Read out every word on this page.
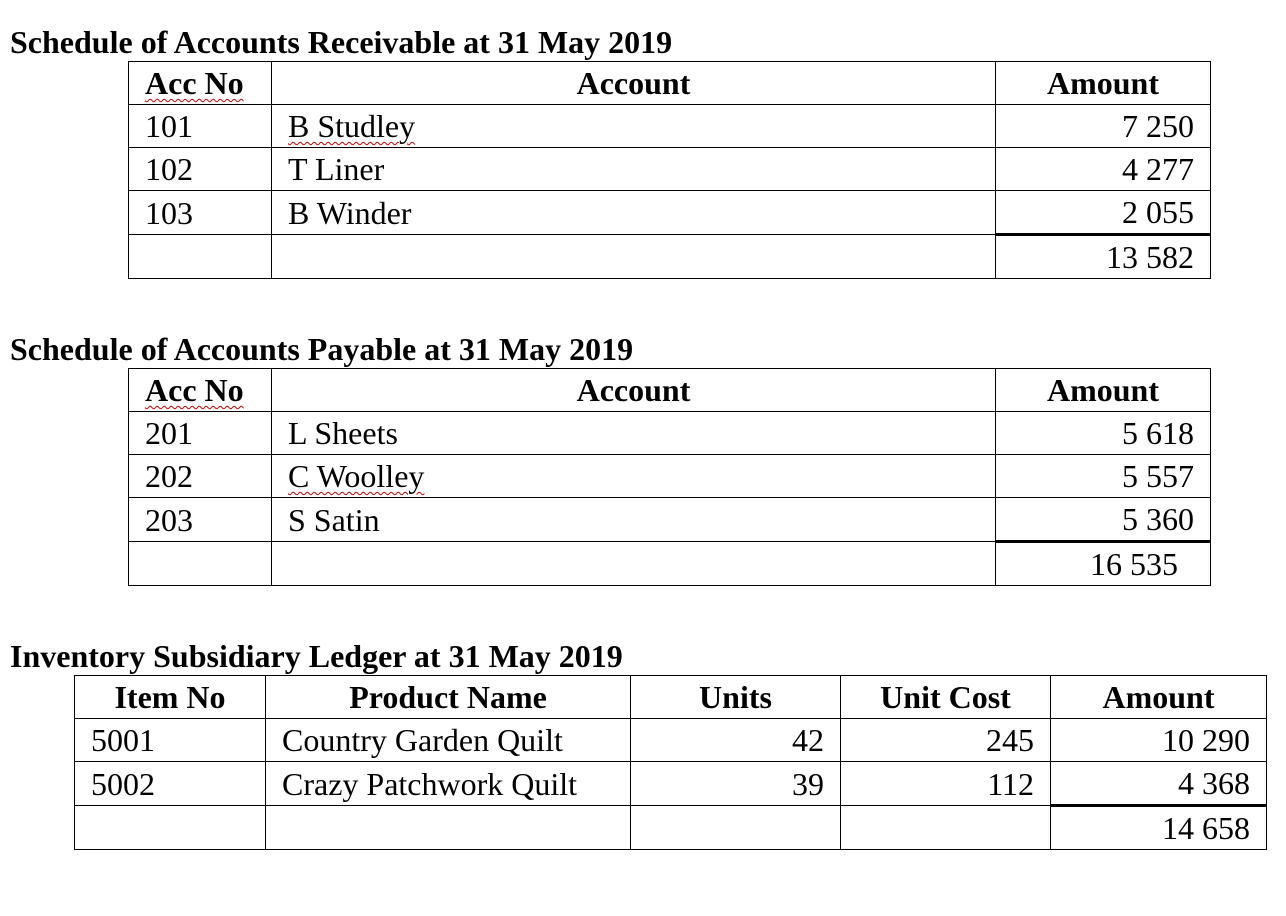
Schedule of Accounts Receivable at 31 May 2019
Acc No	Account	Amount
101	B Studley	7 250
102	T Liner	4 277
103	B Winder	2 055
		13 582
Schedule of Accounts Payable at 31 May 2019
Acc No	Account	Amount
201	L Sheets	5 618
202	C Woolley	5 557
203	S Satin	5 360
		16 535
Inventory Subsidiary Ledger at 31 May 2019
Item No	Product Name	Units	Unit Cost	Amount
5001	Country Garden Quilt	42	245	10 290
5002	Crazy Patchwork Quilt	39	112	4 368
				14 658
